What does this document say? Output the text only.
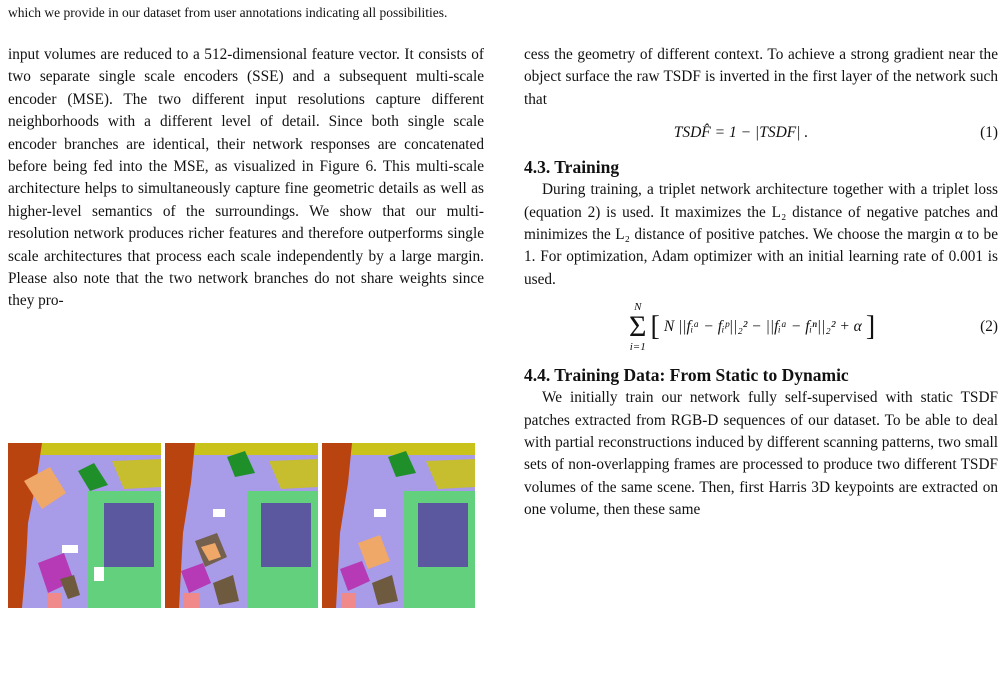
which we provide in our dataset from user annotations indicating all possibilities.

input volumes are reduced to a 512-dimensional feature vector. It consists of two separate single scale encoders (SSE) and a subsequent multi-scale encoder (MSE). The two different input resolutions capture different neighborhoods with a different level of detail. Since both single scale encoder branches are identical, their network responses are concatenated before being fed into the MSE, as visualized in Figure 6. This multi-scale architecture helps to simultaneously capture fine geometric details as well as higher-level semantics of the surroundings. We show that our multi-resolution network produces richer features and therefore outperforms single scale architectures that process each scale independently by a large margin. Please also note that the two network branches do not share weights since they pro-

cess the geometry of different context. To achieve a strong gradient near the object surface the raw TSDF is inverted in the first layer of the network such that

TSDF̂ = 1 − |TSDF| .	(1)
4.3. Training

During training, a triplet network architecture together with a triplet loss (equation 2) is used. It maximizes the L₂ distance of negative patches and minimizes the L₂ distance of positive patches. We choose the margin α to be 1. For optimization, Adam optimizer with an initial learning rate of 0.001 is used.

N
Σ
i=1
[ N ||fᵢᵃ − fᵢᵖ||₂² − ||fᵢᵃ − fᵢⁿ||₂² + α ]	(2)
4.4. Training Data: From Static to Dynamic

We initially train our network fully self-supervised with static TSDF patches extracted from RGB-D sequences of our dataset. To be able to deal with partial reconstructions induced by different scanning patterns, two small sets of non-overlapping frames are processed to produce two different TSDF volumes of the same scene. Then, first Harris 3D keypoints are extracted on one volume, then these same
